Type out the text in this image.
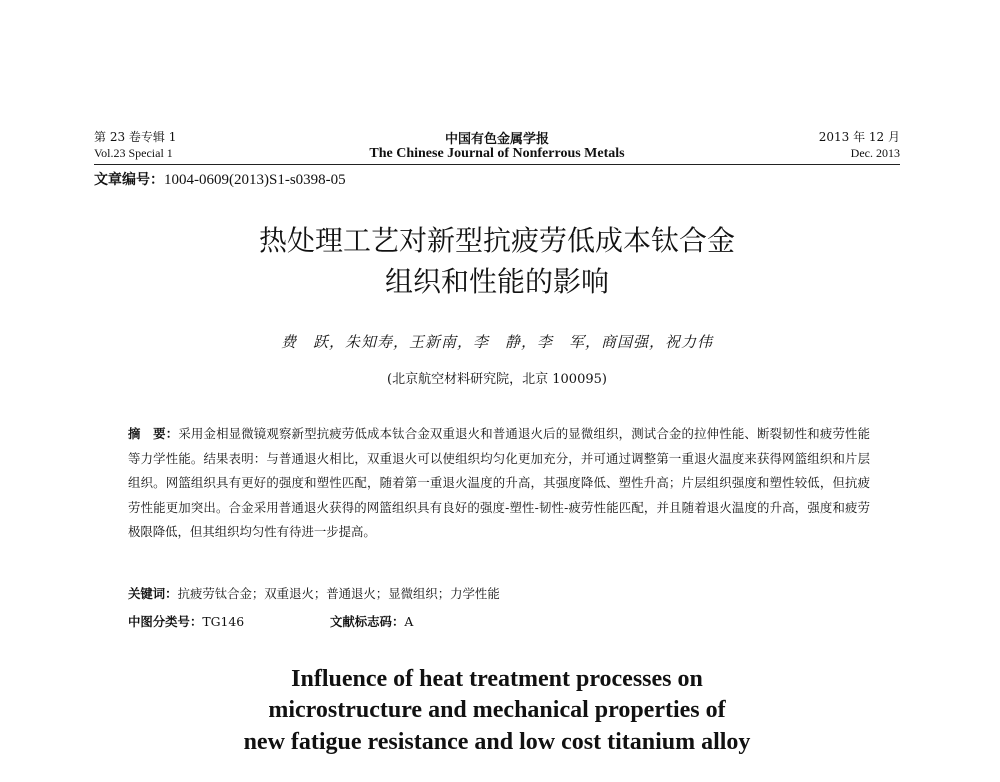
第 23 卷专辑 1	中国有色金属学报	2013 年 12 月
Vol.23 Special 1	The Chinese Journal of Nonferrous Metals	Dec. 2013
文章编号：1004-0609(2013)S1-s0398-05
热处理工艺对新型抗疲劳低成本钛合金
组织和性能的影响
费　跃，朱知寿，王新南，李　静，李　军，商国强，祝力伟
(北京航空材料研究院，北京 100095)
摘　要：采用金相显微镜观察新型抗疲劳低成本钛合金双重退火和普通退火后的显微组织，测试合金的拉伸性能、断裂韧性和疲劳性能等力学性能。结果表明：与普通退火相比，双重退火可以使组织均匀化更加充分，并可通过调整第一重退火温度来获得网篮组织和片层组织。网篮组织具有更好的强度和塑性匹配，随着第一重退火温度的升高，其强度降低、塑性升高；片层组织强度和塑性较低，但抗疲劳性能更加突出。合金采用普通退火获得的网篮组织具有良好的强度-塑性-韧性-疲劳性能匹配，并且随着退火温度的升高，强度和疲劳极限降低，但其组织均匀性有待进一步提高。
关键词：抗疲劳钛合金；双重退火；普通退火；显微组织；力学性能
中图分类号：TG146	文献标志码：A
Influence of heat treatment processes on
microstructure and mechanical properties of
new fatigue resistance and low cost titanium alloy
